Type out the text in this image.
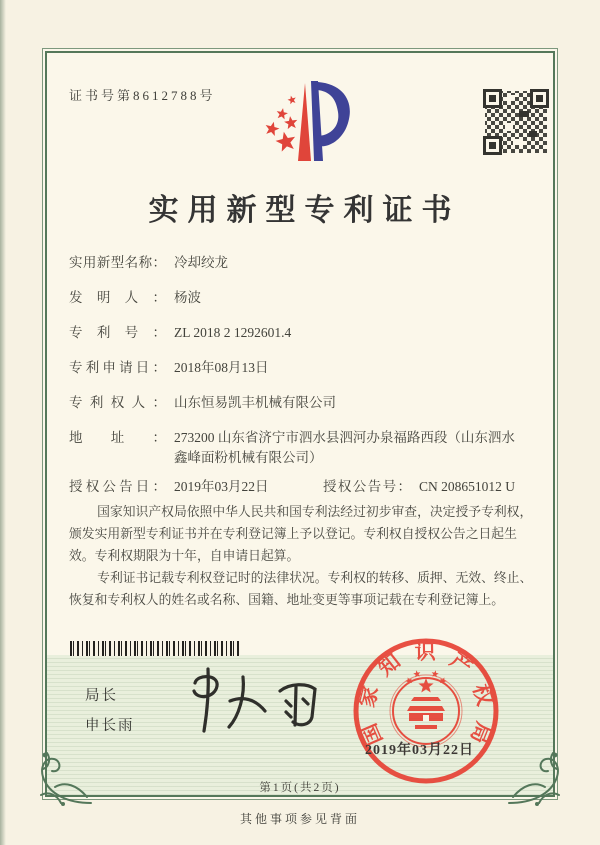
证书号第8612788号
实用新型专利证书
实用新型名称： 冷却绞龙
发明人： 杨波
专利号： ZL 2018 2 1292601.4
专利申请日： 2018年08月13日
专利权人： 山东恒易凯丰机械有限公司
地址： 273200 山东省济宁市泗水县泗河办泉福路西段（山东泗水鑫峰面粉机械有限公司）
授权公告日： 2019年03月22日	授权公告号： CN 208651012 U

国家知识产权局依照中华人民共和国专利法经过初步审查，决定授予专利权，颁发实用新型专利证书并在专利登记簿上予以登记。专利权自授权公告之日起生效。专利权期限为十年，自申请日起算。

专利证书记载专利权登记时的法律状况。专利权的转移、质押、无效、终止、恢复和专利权人的姓名或名称、国籍、地址变更等事项记载在专利登记簿上。

局长
申长雨	国家知识产权局
2019年03月22日
第1页(共2页)
其他事项参见背面
